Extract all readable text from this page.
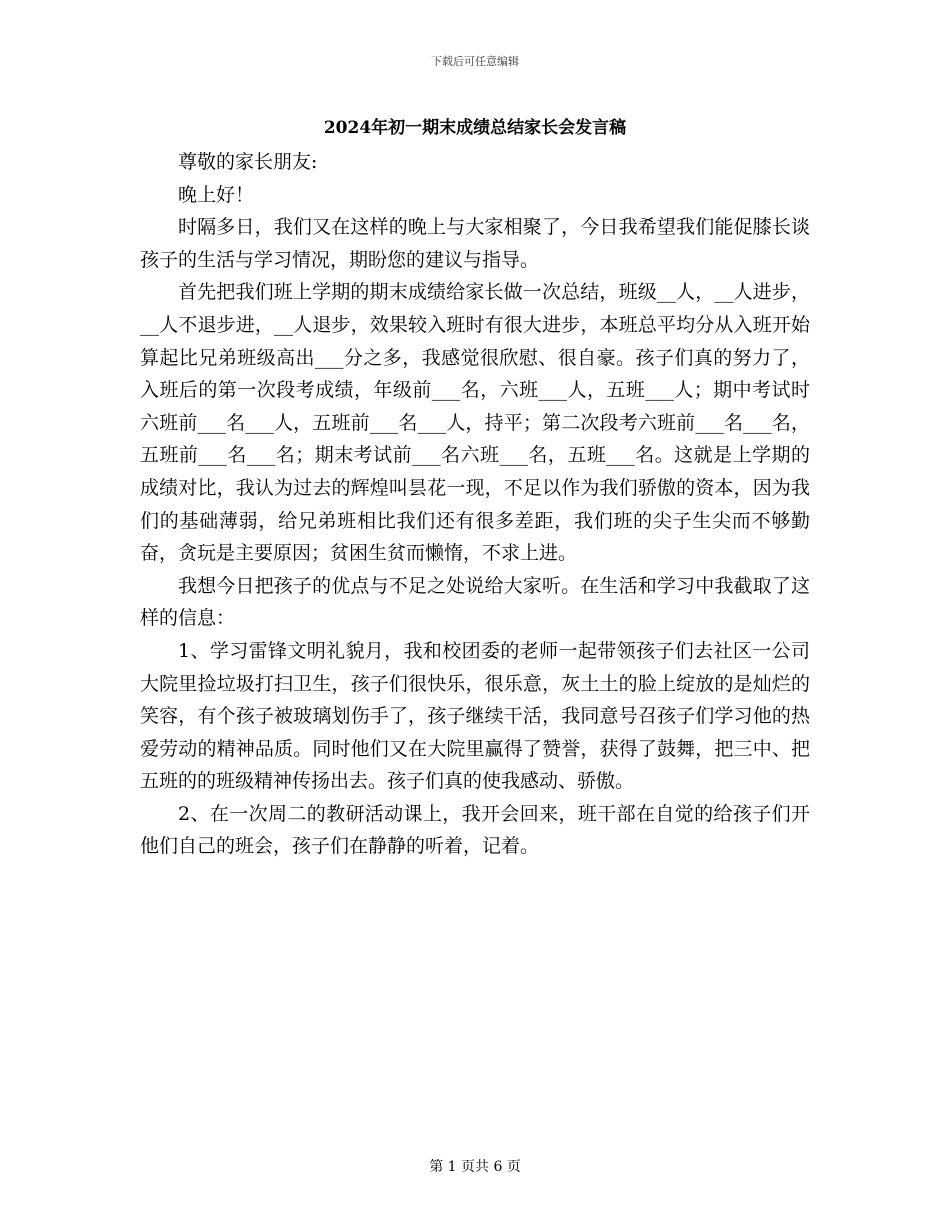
下载后可任意编辑
2024年初一期末成绩总结家长会发言稿

尊敬的家长朋友:

晚上好！

时隔多日，我们又在这样的晚上与大家相聚了，今日我希望我们能促膝长谈孩子的生活与学习情况，期盼您的建议与指导。

首先把我们班上学期的期末成绩给家长做一次总结，班级__人，__人进步，__人不退步进，__人退步，效果较入班时有很大进步，本班总平均分从入班开始算起比兄弟班级高出___分之多，我感觉很欣慰、很自豪。孩子们真的努力了，入班后的第一次段考成绩，年级前___名，六班___人，五班___人；期中考试时六班前___名___人，五班前___名___人，持平；第二次段考六班前___名___名，五班前___名___名；期末考试前___名六班___名，五班___名。这就是上学期的成绩对比，我认为过去的辉煌叫昙花一现，不足以作为我们骄傲的资本，因为我们的基础薄弱，给兄弟班相比我们还有很多差距，我们班的尖子生尖而不够勤奋，贪玩是主要原因；贫困生贫而懒惰，不求上进。

我想今日把孩子的优点与不足之处说给大家听。在生活和学习中我截取了这样的信息：

1、学习雷锋文明礼貌月，我和校团委的老师一起带领孩子们去社区一公司大院里捡垃圾打扫卫生，孩子们很快乐，很乐意，灰土土的脸上绽放的是灿烂的笑容，有个孩子被玻璃划伤手了，孩子继续干活，我同意号召孩子们学习他的热爱劳动的精神品质。同时他们又在大院里赢得了赞誉，获得了鼓舞，把三中、把五班的的班级精神传扬出去。孩子们真的使我感动、骄傲。

2、在一次周二的教研活动课上，我开会回来，班干部在自觉的给孩子们开他们自己的班会，孩子们在静静的听着，记着。

第 1 页共 6 页
